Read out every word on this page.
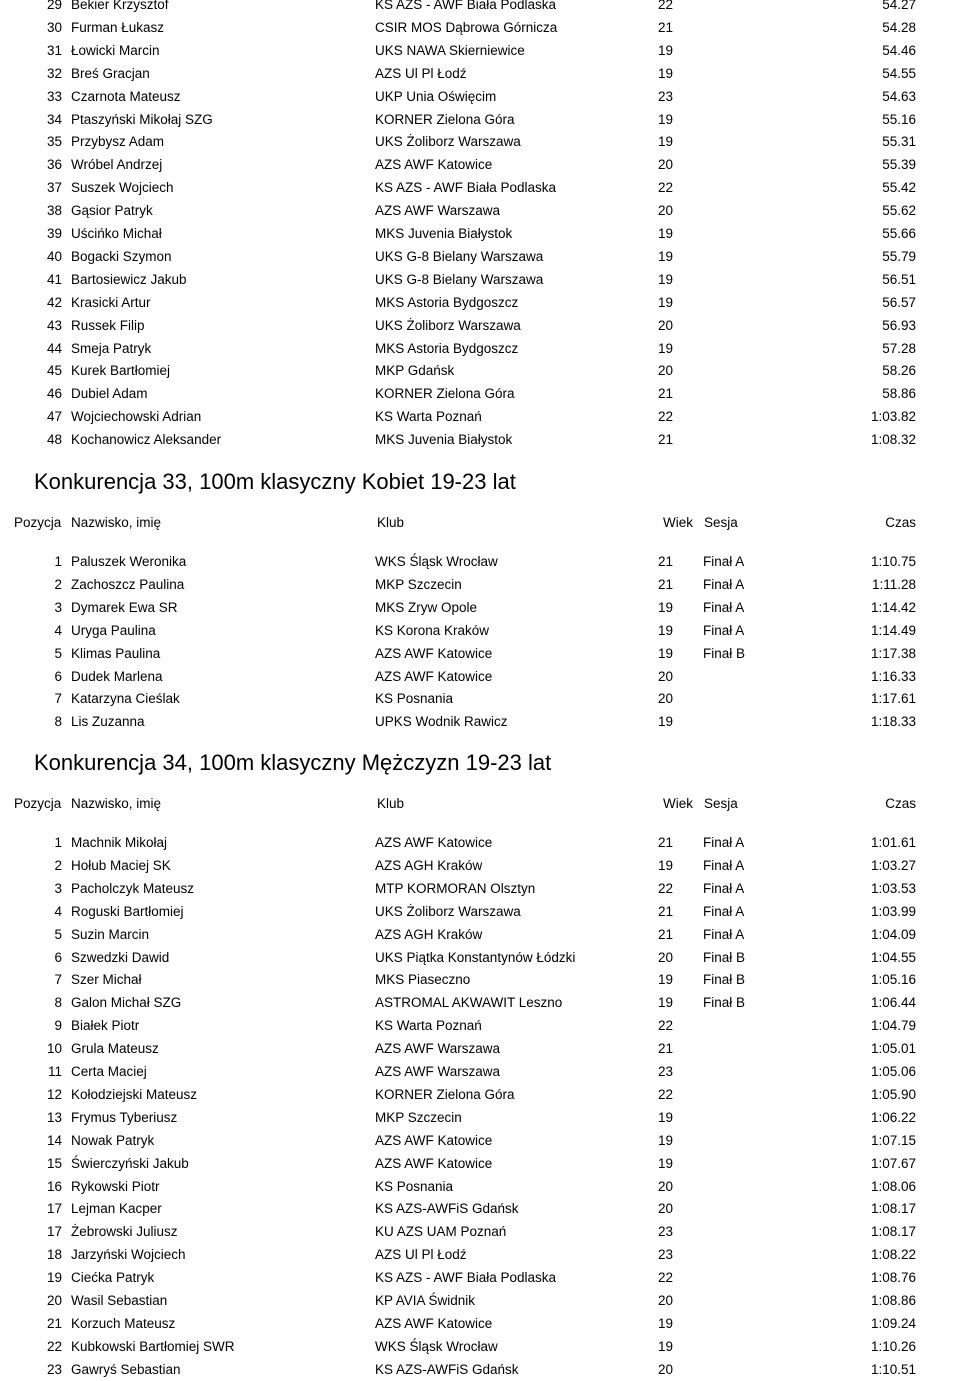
29 Bekier Krzysztof	KS AZS - AWF Biała Podlaska	22	54.27
30 Furman Łukasz	CSIR MOS Dąbrowa Górnicza	21	54.28
31 Łowicki Marcin	UKS NAWA Skierniewice	19	54.46
32 Breś Gracjan	AZS Ul Pl Łodź	19	54.55
33 Czarnota Mateusz	UKP Unia Oświęcim	23	54.63
34 Ptaszyński Mikołaj SZG	KORNER Zielona Góra	19	55.16
35 Przybysz Adam	UKS Żoliborz Warszawa	19	55.31
36 Wróbel Andrzej	AZS AWF Katowice	20	55.39
37 Suszek Wojciech	KS AZS - AWF Biała Podlaska	22	55.42
38 Gąsior Patryk	AZS AWF Warszawa	20	55.62
39 Uścińko Michał	MKS Juvenia Białystok	19	55.66
40 Bogacki Szymon	UKS G-8 Bielany Warszawa	19	55.79
41 Bartosiewicz Jakub	UKS G-8 Bielany Warszawa	19	56.51
42 Krasicki Artur	MKS Astoria Bydgoszcz	19	56.57
43 Russek Filip	UKS Żoliborz Warszawa	20	56.93
44 Smeja Patryk	MKS Astoria Bydgoszcz	19	57.28
45 Kurek Bartłomiej	MKP Gdańsk	20	58.26
46 Dubiel Adam	KORNER Zielona Góra	21	58.86
47 Wojciechowski Adrian	KS Warta Poznań	22	1:03.82
48 Kochanowicz Aleksander	MKS Juvenia Białystok	21	1:08.32
Konkurencja 33, 100m klasyczny Kobiet 19-23 lat
Pozycja Nazwisko, imię	Klub	Wiek Sesja	Czas
1 Paluszek Weronika	WKS Śląsk Wrocław	21 Finał A	1:10.75
2 Zachoszcz Paulina	MKP Szczecin	21 Finał A	1:11.28
3 Dymarek Ewa SR	MKS Zryw Opole	19 Finał A	1:14.42
4 Uryga Paulina	KS Korona Kraków	19 Finał A	1:14.49
5 Klimas Paulina	AZS AWF Katowice	19 Finał B	1:17.38
6 Dudek Marlena	AZS AWF Katowice	20	1:16.33
7 Katarzyna Cieślak	KS Posnania	20	1:17.61
8 Lis Zuzanna	UPKS Wodnik Rawicz	19	1:18.33
Konkurencja 34, 100m klasyczny Mężczyzn 19-23 lat
Pozycja Nazwisko, imię	Klub	Wiek Sesja	Czas
1 Machnik Mikołaj	AZS AWF Katowice	21 Finał A	1:01.61
2 Hołub Maciej SK	AZS AGH Kraków	19 Finał A	1:03.27
3 Pacholczyk Mateusz	MTP KORMORAN Olsztyn	22 Finał A	1:03.53
4 Roguski Bartłomiej	UKS Żoliborz Warszawa	21 Finał A	1:03.99
5 Suzin Marcin	AZS AGH Kraków	21 Finał A	1:04.09
6 Szwedzki Dawid	UKS Piątka Konstantynów Łódzki	20 Finał B	1:04.55
7 Szer Michał	MKS Piaseczno	19 Finał B	1:05.16
8 Galon Michał SZG	ASTROMAL AKWAWIT Leszno	19 Finał B	1:06.44
9 Białek Piotr	KS Warta Poznań	22	1:04.79
10 Grula Mateusz	AZS AWF Warszawa	21	1:05.01
11 Certa Maciej	AZS AWF Warszawa	23	1:05.06
12 Kołodziejski Mateusz	KORNER Zielona Góra	22	1:05.90
13 Frymus Tyberiusz	MKP Szczecin	19	1:06.22
14 Nowak Patryk	AZS AWF Katowice	19	1:07.15
15 Świerczyński Jakub	AZS AWF Katowice	19	1:07.67
16 Rykowski Piotr	KS Posnania	20	1:08.06
17 Lejman Kacper	KS AZS-AWFiS Gdańsk	20	1:08.17
17 Żebrowski Juliusz	KU AZS UAM Poznań	23	1:08.17
18 Jarzyński Wojciech	AZS Ul Pl Łodź	23	1:08.22
19 Ciećka Patryk	KS AZS - AWF Biała Podlaska	22	1:08.76
20 Wasil Sebastian	KP AVIA Świdnik	20	1:08.86
21 Korzuch Mateusz	AZS AWF Katowice	19	1:09.24
22 Kubkowski Bartłomiej SWR	WKS Śląsk Wrocław	19	1:10.26
23 Gawryś Sebastian	KS AZS-AWFiS Gdańsk	20	1:10.51
